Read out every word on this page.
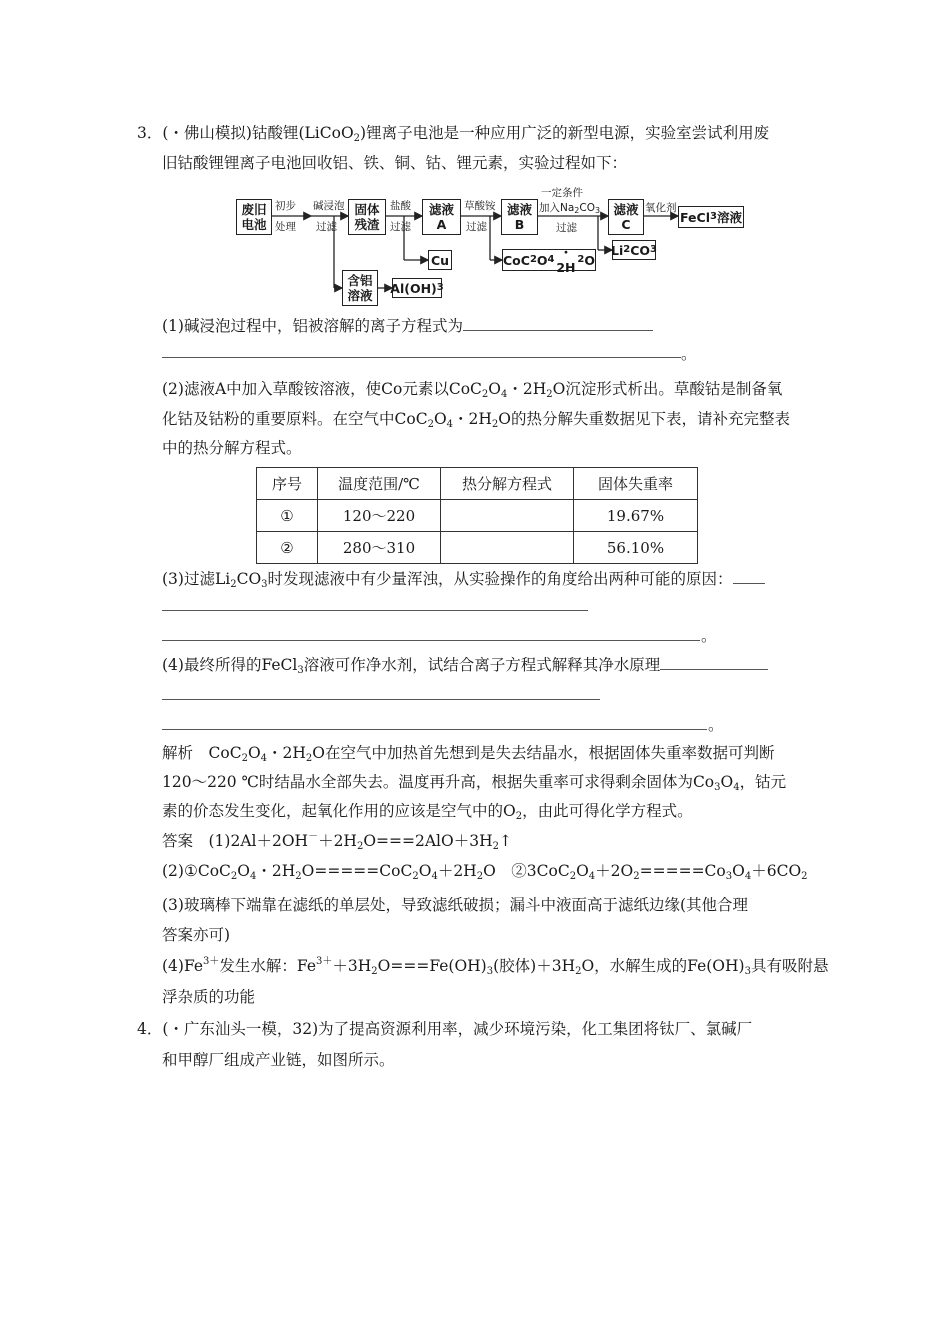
3．(・佛山模拟)钴酸锂(LiCoO$_2$)锂离子电池是一种应用广泛的新型电源，实验室尝试利用废
旧钴酸锂锂离子电池回收铝、铁、铜、钴、锂元素，实验过程如下：
废旧
电池
初步
处理
碱浸泡
过滤
固体
残渣
盐酸
过滤
滤液
A
草酸铵
过滤
滤液
B
一定条件
加入$Na_2CO_3$
过滤
滤液
C
氧化剂
FeCl 3 溶液
Cu	CoC 2 O 4 ・2H
2 O
Li 2 CO 3
含铝
溶液 Al(OH) 3
(1)碱浸泡过程中，铝被溶解的离子方程式为
。
(2)滤液A中加入草酸铵溶液，使Co元素以$CoC_2O_4$・$2H_2O$沉淀形式析出。草酸钴是制备氧
化钴及钴粉的重要原料。在空气中$CoC_2O_4$・$2H_2O$的热分解失重数据见下表，请补充完整表
中的热分解方程式。
序号	温度范围/℃	热分解方程式	固体失重率
①	120～220		19.67%
②	280～310		56.10%
(3)过滤$Li_2CO_3$时发现滤液中有少量浑浊，从实验操作的角度给出两种可能的原因：
。
(4)最终所得的FeCl$_3$溶液可作净水剂，试结合离子方程式解释其净水原理
。
解析　$CoC_2O_4$・$2H_2O$在空气中加热首先想到是失去结晶水，根据固体失重率数据可判断
120～220 ℃时结晶水全部失去。温度再升高，根据失重率可求得剩余固体为$Co_3O_4$，钴元
素的价态发生变化，起氧化作用的应该是空气中的$O_2$，由此可得化学方程式。
答案　$(1)2Al+2OH^-+2H_2O===2AlO+3H_2↑$
$(2)①CoC_2O_4$・$2H_2O=====CoC_2O_4+2H_2O$　$②3CoC_2O_4+2O_2=====Co_3O_4+6CO_2$
(3)玻璃棒下端靠在滤纸的单层处，导致滤纸破损；漏斗中液面高于滤纸边缘(其他合理
答案亦可)
$(4)Fe^{3+}$发生水解：$Fe^{3+}+3H_2O===Fe(OH)_3$(胶体)$+3H_2O$，水解生成的$Fe(OH)_3$具有吸附悬
浮杂质的功能
4．(・广东汕头一模，32)为了提高资源利用率，减少环境污染，化工集团将钛厂、氯碱厂
和甲醇厂组成产业链，如图所示。
